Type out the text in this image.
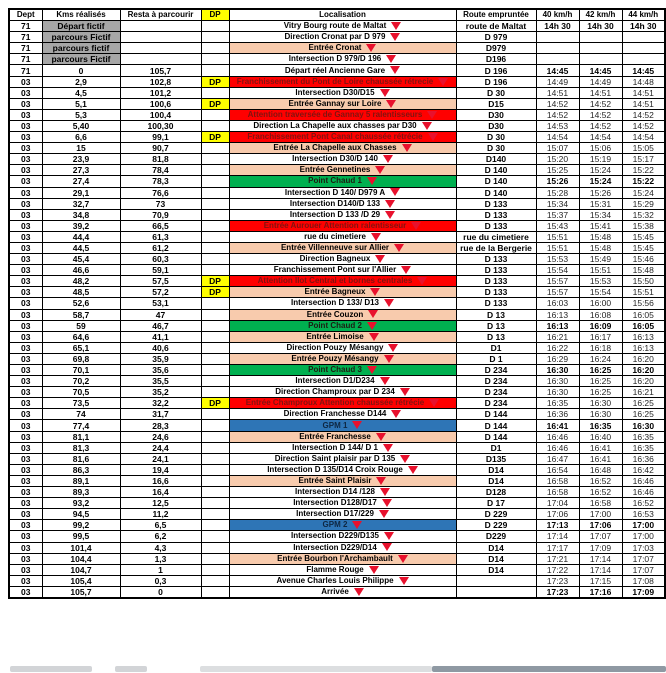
Dept	Kms réalisés	Resta à parcourir	DP	Localisation	Route empruntée	40 km/h	42 km/h	44 km/h
71	Départ fictif			Vitry Bourg route de Maltat	route de Maltat	14h 30	14h 30	14h 30
71	parcours Fictif			Direction Cronat par D 979	D 979			
71	parcours fictif			Entrée Cronat	D979			
71	parcours Fictif			Intersection D 979/D 196	D196			
71	0	105,7		Départ réel Ancienne Gare	D 196	14:45	14:45	14:45
03	2,9	102,8	DP	Franchissement du Pont de Loire chaussée rétrecie	D 196	14:49	14:49	14:48
03	4,5	101,2		Intersection D30/D15	D 30	14:51	14:51	14:51
03	5,1	100,6	DP	Entrée Gannay sur Loire	D15	14:52	14:52	14:51
03	5,3	100,4		Attention traversée de Gannay 5 ralentisseurs	D30	14:52	14:52	14:52
03	5,40	100,30		Direction La Chapelle aux chasses par D30	D30	14:53	14:52	14:52
03	6,6	99,1	DP	Franchissement Pont Canal chaussée rétrécie	D 30	14:54	14:54	14:54
03	15	90,7		Entrée La Chapelle aux Chasses	D 30	15:07	15:06	15:05
03	23,9	81,8		Intersection D30/D 140	D140	15:20	15:19	15:17
03	27,3	78,4		Entrée Gennetines	D 140	15:25	15:24	15:22
03	27,4	78,3		Point Chaud 1	D 140	15:26	15:24	15:22
03	29,1	76,6		Intersection D 140/ D979 A	D 140	15:28	15:26	15:24
03	32,7	73		Intersection D140/D 133	D 133	15:34	15:31	15:29
03	34,8	70,9		Intersection D 133 /D 29	D 133	15:37	15:34	15:32
03	39,2	66,5		Entrée Aurouer Attention ralentisseur	D 133	15:43	15:41	15:38
03	44,4	61,3		rue du cimetiere	rue du cimetiere	15:51	15:48	15:45
03	44,5	61,2		Entrée Villenneuve sur Allier	rue de la Bergerie	15:51	15:48	15:45
03	45,4	60,3		Direction Bagneux	D 133	15:53	15:49	15:46
03	46,6	59,1		Franchissement Pont sur l'Allier	D 133	15:54	15:51	15:48
03	48,2	57,5	DP	Attention Ilot Central et bornes centrales	D 133	15:57	15:53	15:50
03	48,5	57,2	DP	Entrée Bagneux	D 133	15:57	15:54	15:51
03	52,6	53,1		Intersection D 133/ D13	D 133	16:03	16:00	15:56
03	58,7	47		Entrée Couzon	D 13	16:13	16:08	16:05
03	59	46,7		Point Chaud 2	D 13	16:13	16:09	16:05
03	64,6	41,1		Entrée Limoise	D 13	16:21	16:17	16:13
03	65,1	40,6		Direction Pouzy Mésangy	D1	16:22	16:18	16:13
03	69,8	35,9		Entrée Pouzy Mésangy	D 1	16:29	16:24	16:20
03	70,1	35,6		Point Chaud 3	D 234	16:30	16:25	16:20
03	70,2	35,5		Intersection D1/D234	D 234	16:30	16:25	16:20
03	70,5	35,2		Direction Champroux par D 234	D 234	16:30	16:25	16:21
03	73,5	32,2	DP	Entrée Champroux Attention chaussée rétrécie	D 234	16:35	16:30	16:25
03	74	31,7		Direction Franchesse D144	D 144	16:36	16:30	16:25
03	77,4	28,3		GPM 1	D 144	16:41	16:35	16:30
03	81,1	24,6		Entrée Franchesse	D 144	16:46	16:40	16:35
03	81,3	24,4		Intersection D 144/ D 1	D1	16:46	16:41	16:35
03	81,6	24,1		Direction Saint plaisir par D 135	D135	16:47	16:41	16:36
03	86,3	19,4		Intersection D 135/D14 Croix Rouge	D14	16:54	16:48	16:42
03	89,1	16,6		Entrée Saint Plaisir	D14	16:58	16:52	16:46
03	89,3	16,4		Intersection D14 /128	D128	16:58	16:52	16:46
03	93,2	12,5		Intersection D128/D17	D 17	17:04	16:58	16:52
03	94,5	11,2		Intersection D17/229	D 229	17:06	17:00	16:53
03	99,2	6,5		GPM 2	D 229	17:13	17:06	17:00
03	99,5	6,2		Intersection D229/D135	D229	17:14	17:07	17:00
03	101,4	4,3		Intersection D229/D14	D14	17:17	17:09	17:03
03	104,4	1,3		Entrée Bourbon l'Archambault	D14	17:21	17:14	17:07
03	104,7	1		Flamme Rouge	D14	17:22	17:14	17:07
03	105,4	0,3		Avenue Charles Louis Philippe		17:23	17:15	17:08
03	105,7	0		Arrivée		17:23	17:16	17:09
